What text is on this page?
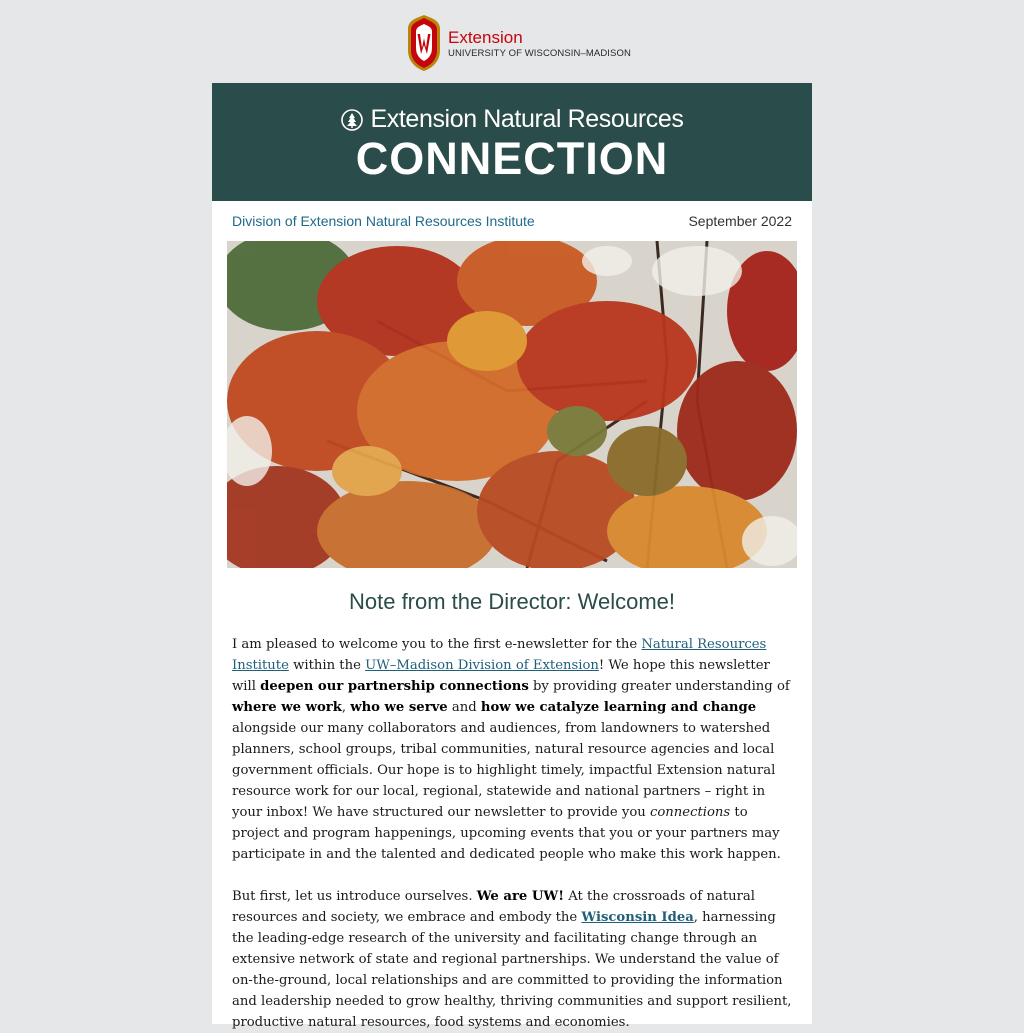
Extension
UNIVERSITY OF WISCONSIN–MADISON
Extension Natural Resources
CONNECTION
Division of Extension Natural Resources Institute	September 2022
Note from the Director: Welcome!

I am pleased to welcome you to the first e-newsletter for the Natural Resources Institute within the UW–Madison Division of Extension! We hope this newsletter will deepen our partnership connections by providing greater understanding of where we work, who we serve and how we catalyze learning and change alongside our many collaborators and audiences, from landowners to watershed planners, school groups, tribal communities, natural resource agencies and local government officials. Our hope is to highlight timely, impactful Extension natural resource work for our local, regional, statewide and national partners – right in your inbox! We have structured our newsletter to provide you connections to project and program happenings, upcoming events that you or your partners may participate in and the talented and dedicated people who make this work happen.

But first, let us introduce ourselves. We are UW! At the crossroads of natural resources and society, we embrace and embody the Wisconsin Idea, harnessing the leading-edge research of the university and facilitating change through an extensive network of state and regional partnerships. We understand the value of on-the-ground, local relationships and are committed to providing the information and leadership needed to grow healthy, thriving communities and support resilient, productive natural resources, food systems and economies.
